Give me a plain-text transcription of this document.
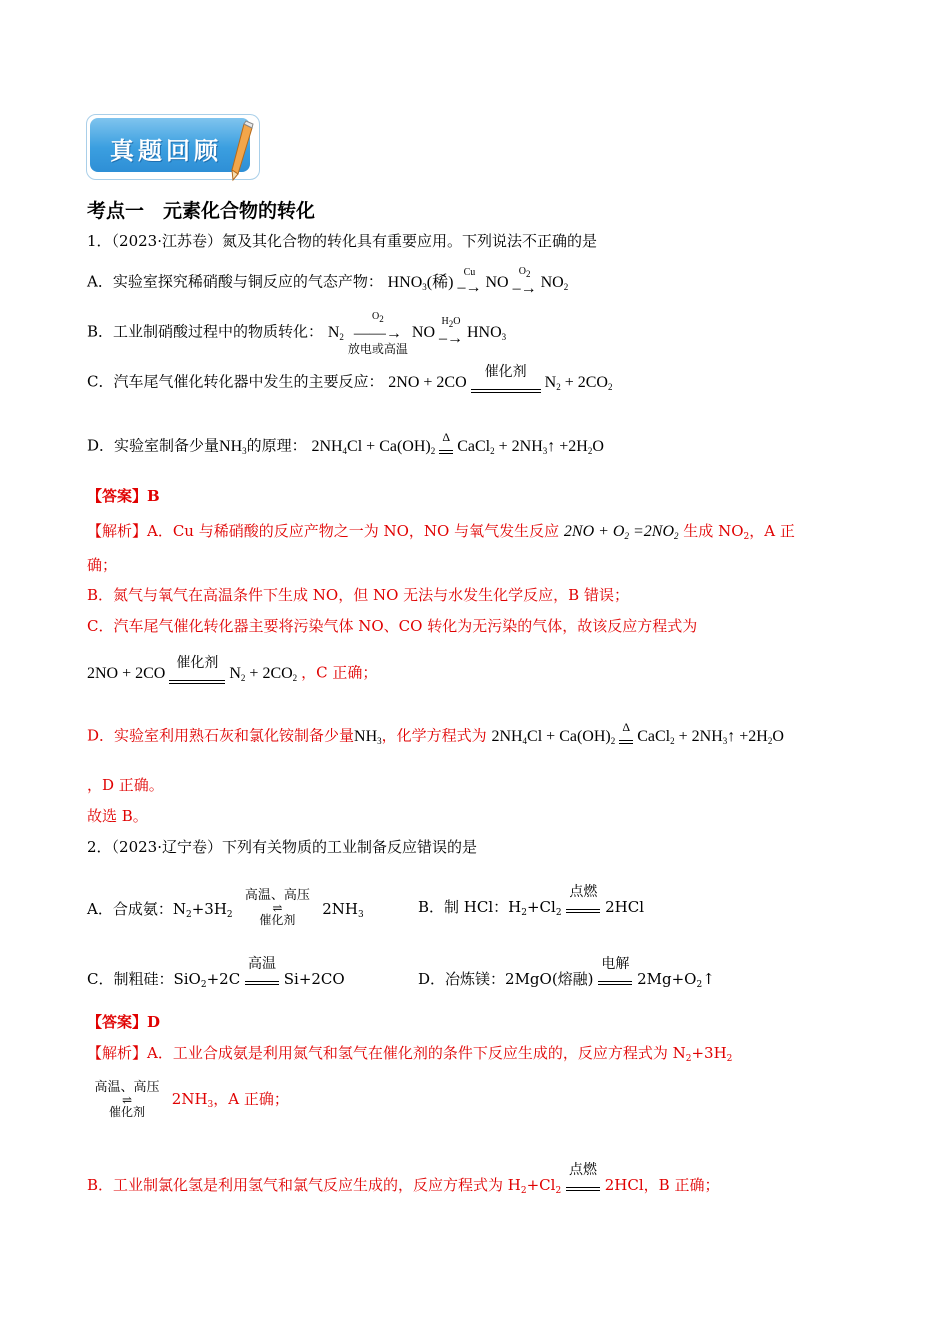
真题回顾
考点一　元素化合物的转化
1．（2023·江苏卷）氮及其化合物的转化具有重要应用。下列说法不正确的是
A．实验室探究稀硝酸与铜反应的气态产物： $HNO_3$(稀)
Cu
–→ NO
$O_2$
–→ $NO_2$
B．工业制硝酸过程中的物质转化： $N_2$
$O_2$
——→
放电或高温
NO
$H_2O$
–→ $HNO_3$
C．汽车尾气催化转化器中发生的主要反应： 2NO + 2CO
催化剂
$N_2 + 2CO_2$
D．实验室制备少量$NH_3$的原理： $2NH_4Cl + Ca(OH)_2$
Δ
CaCl$_2$ + $2NH_3↑ +2H_2O$
【答案】B
【解析】A．Cu 与稀硝酸的反应产物之一为 NO，NO 与氧气发生反应 $2NO + O_2 =2NO_2$ 生成 $NO_2$，A 正
确；
B．氮气与氧气在高温条件下生成 NO，但 NO 无法与水发生化学反应，B 错误；
C．汽车尾气催化转化器主要将污染气体 NO、CO 转化为无污染的气体，故该反应方程式为
2NO + 2CO
催化剂
$N_2 + 2CO_2$ ，C 正确；
D．实验室利用熟石灰和氯化铵制备少量$NH_3$，化学方程式为 $2NH_4Cl + Ca(OH)_2$
Δ
CaCl$_2$ + $2NH_3↑ +2H_2O$
，D 正确。
故选 B。
2．（2023·辽宁卷）下列有关物质的工业制备反应错误的是
A．合成氨：$N_2+3H_2$
高温、高压
⇌
催化剂
$2NH_3$	B．制 HCl：$H_2+Cl_2$
点燃
2HCl
C．制粗硅：SiO$_2$+2C
高温
Si+2CO	D．冶炼镁：2MgO(熔融)
电解
$2Mg+O_2↑$
【答案】D
【解析】A．工业合成氨是利用氮气和氢气在催化剂的条件下反应生成的，反应方程式为 $N_2+3H_2$
高温、高压
⇌
催化剂
$2NH_3$，A 正确；
B．工业制氯化氢是利用氢气和氯气反应生成的，反应方程式为 $H_2+Cl_2$
点燃
2HCl，B 正确；
